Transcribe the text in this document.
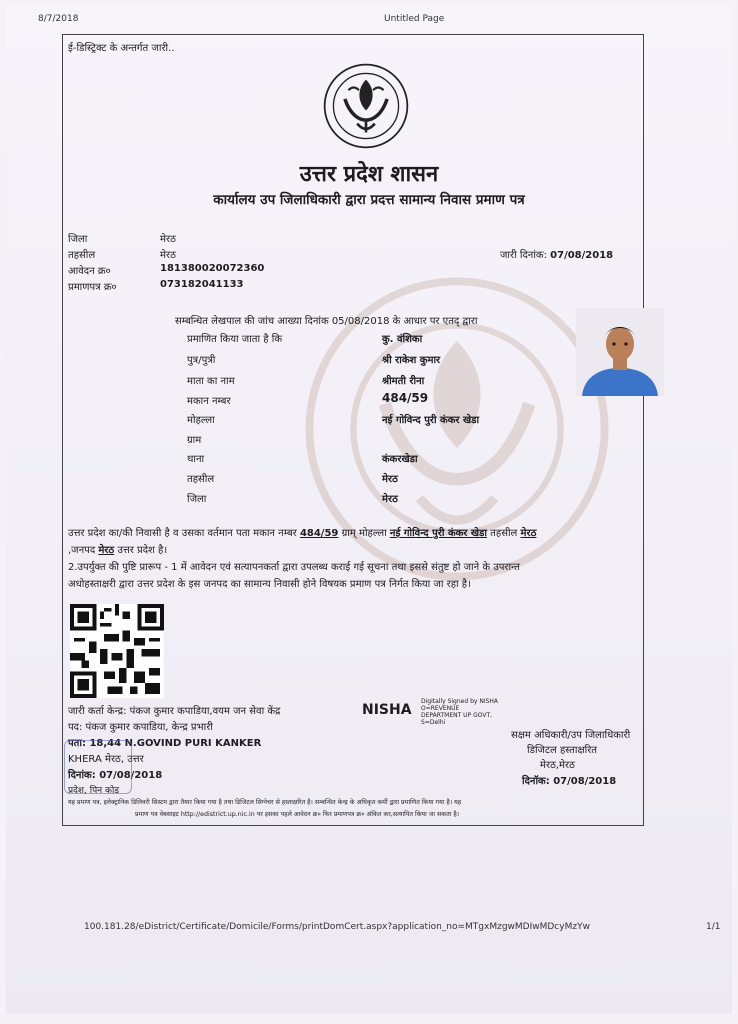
8/7/2018	Untitled Page
ई-डिस्ट्रिक्ट के अन्तर्गत जारी..
उत्तर प्रदेश शासन
कार्यालय उप जिलाधिकारी द्वारा प्रदत्त सामान्य निवास प्रमाण पत्र
जिला	मेरठ
तहसील	मेरठ
आवेदन क्र०	181380020072360
प्रमाणपत्र क्र०	073182041133
जारी दिनांक: 07/08/2018
सम्बन्धित लेखपाल की जांच आख्या दिनांक 05/08/2018 के आधार पर एतद् द्वारा
प्रमाणित किया जाता है कि	कु. वंशिका
पुत्र/पुत्री	श्री राकेश कुमार
माता का नाम	श्रीमती रीना
मकान नम्बर	484/59
मोहल्ला	नई गोविन्द पुरी कंकर खेडा
ग्राम
थाना	कंकरखेडा
तहसील	मेरठ
जिला	मेरठ
उत्तर प्रदेश का/की निवासी है व उसका वर्तमान पता मकान नम्बर 484/59 ग्राम् मोहल्ला नई गोविन्द पुरी कंकर खेडा तहसील मेरठ
,जनपद मेरठ उत्तर प्रदेश है।
2.उपर्युक्त की पुष्टि प्रारूप - 1 में आवेदन एवं सत्यापनकर्ता द्वारा उपलब्ध कराई गई सूचना तथा इससे संतुष्ट हो जाने के उपरान्त
अधोहस्ताक्षरी द्वारा उत्तर प्रदेश के इस जनपद का सामान्य निवासी होने विषयक प्रमाण पत्र निर्गत किया जा रहा है।
जारी कर्ता केन्द्र: पंकज कुमार कपाडिया,वयम जन सेवा केंद्र
पद: पंकज कुमार कपाडिया, केन्द्र प्रभारी
पता: 18,44 N.GOVIND PURI KANKER
KHERA मेरठ, उत्तर
दिनांक: 07/08/2018
प्रदेश, पिन कोड
NISHA
Digitally Signed by NISHA
O=REVENUE
DEPARTMENT UP GOVT,
S=Delhi
सक्षम अधिकारी/उप जिलाधिकारी
डिजिटल हस्ताक्षरित
मेरठ,मेरठ
दिनॉक: 07/08/2018
यह प्रमाण पत्र, इलेक्ट्रानिक डिलिवरी सिस्टम द्वारा तैयार किया गया है तथा डिजिटल सिग्नेचर से हस्ताक्षरित है। सम्बन्धित केन्द्र के अधिकृत कर्मी द्वारा प्रमाणित किया गया है। यह
प्रमाण पत्र वेबसाइट http://edistrict.up.nic.in पर इसका पहले आवेदन क्र० फिर प्रमाणपत्र क्र० अंकित कर,सत्यापित किया जा सकता है।
100.181.28/eDistrict/Certificate/Domicile/Forms/printDomCert.aspx?application_no=MTgxMzgwMDIwMDcyMzYw	1/1
